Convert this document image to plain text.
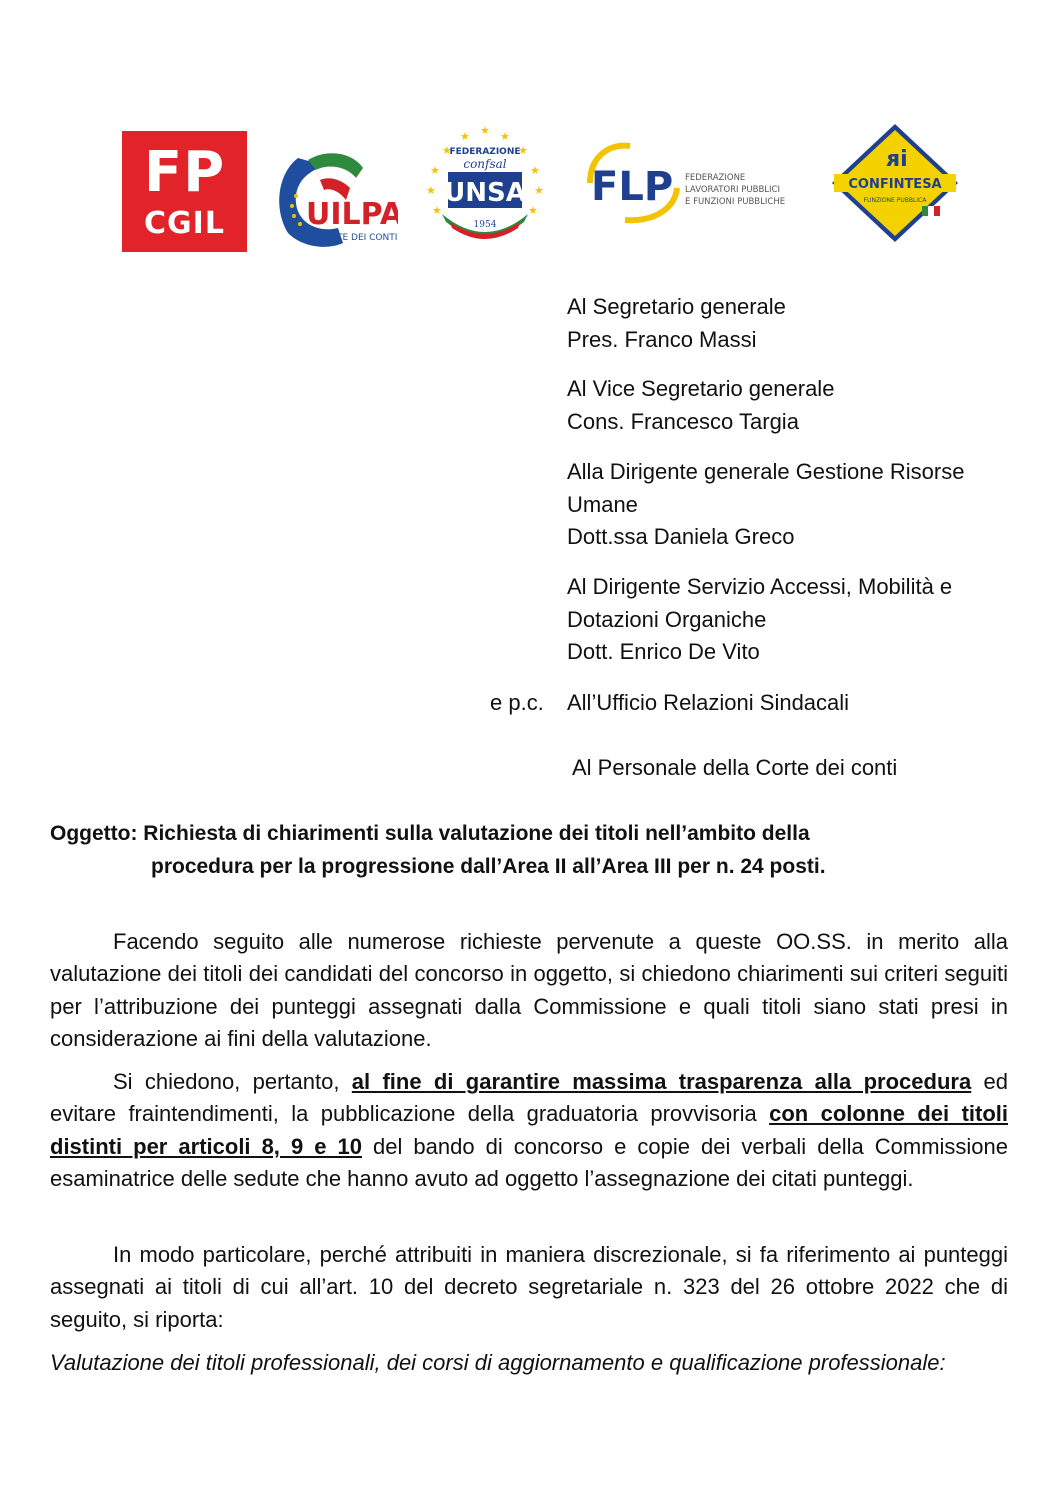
FP
CGIL	UILPA
CORTE DEI CONTI
★
★	★
★	★
★	★
★	★
★	★
FEDERAZIONE
confsal
UNSA
1954
FLP FEDERAZIONE
LAVORATORI PUBBLICI
E FUNZIONI PUBBLICHE
ᴙi
CONFINTESA
FUNZIONE PUBBLICA
Al Segretario generale
Pres. Franco Massi
Al Vice Segretario generale
Cons. Francesco Targia
Alla Dirigente generale Gestione Risorse
Umane
Dott.ssa Daniela Greco
Al Dirigente Servizio Accessi, Mobilità e
Dotazioni Organiche
Dott. Enrico De Vito
e p.c. All’Ufficio Relazioni Sindacali
Al Personale della Corte dei conti
Oggetto: Richiesta di chiarimenti sulla valutazione dei titoli nell’ambito della
procedura per la progressione dall’Area II all’Area III per n. 24 posti.
Facendo seguito alle numerose richieste pervenute a queste OO.SS. in merito alla valutazione dei titoli dei candidati del concorso in oggetto, si chiedono chiarimenti sui criteri seguiti per l’attribuzione dei punteggi assegnati dalla Commissione e quali titoli siano stati presi in considerazione ai fini della valutazione.
Si chiedono, pertanto, al fine di garantire massima trasparenza alla procedura ed evitare fraintendimenti, la pubblicazione della graduatoria provvisoria con colonne dei titoli distinti per articoli 8, 9 e 10 del bando di concorso e copie dei verbali della Commissione esaminatrice delle sedute che hanno avuto ad oggetto l’assegnazione dei citati punteggi.
In modo particolare, perché attribuiti in maniera discrezionale, si fa riferimento ai punteggi assegnati ai titoli di cui all’art. 10 del decreto segretariale n. 323 del 26 ottobre 2022 che di seguito, si riporta:
Valutazione dei titoli professionali, dei corsi di aggiornamento e qualificazione professionale:
